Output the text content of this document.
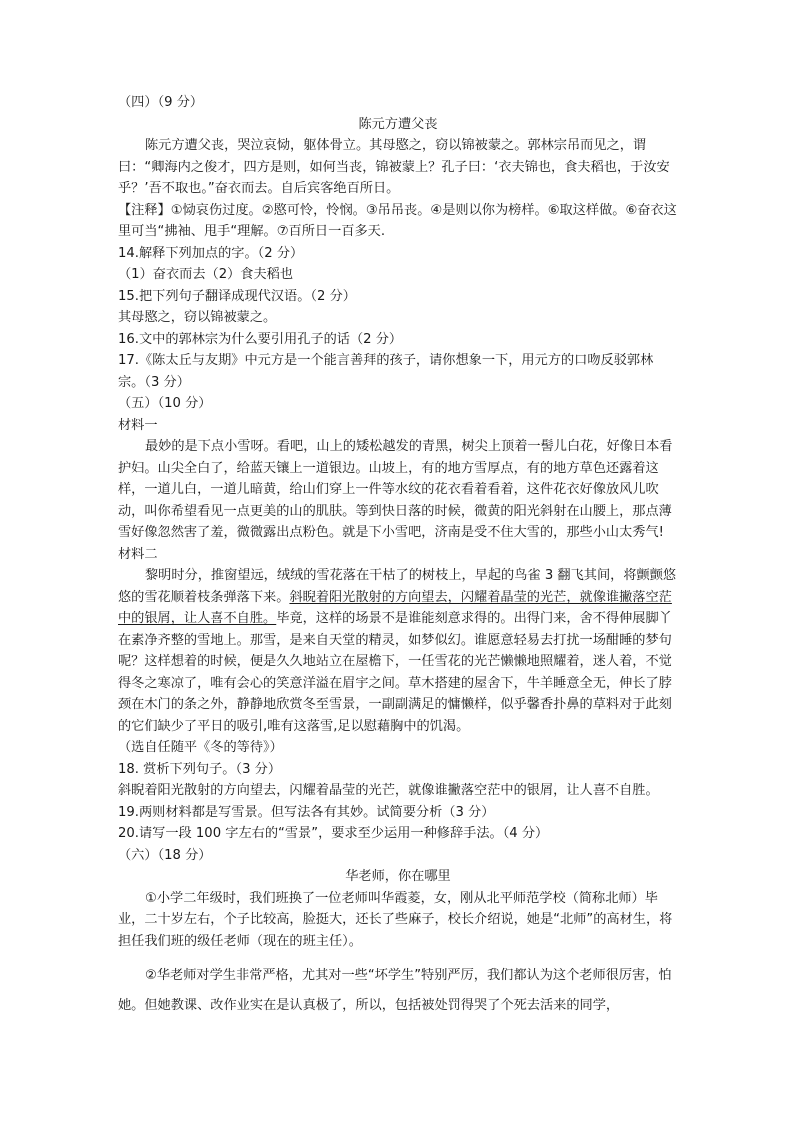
（四）（9 分）
陈元方遭父丧
陈元方遭父丧，哭泣哀恸，躯体骨立。其母愍之，窃以锦被蒙之。郭林宗吊而见之，谓曰：“卿海内之俊才，四方是则，如何当丧，锦被蒙上？孔子曰：‘衣夫锦也，食夫稻也，于汝安乎？’吾不取也。”奋衣而去。自后宾客绝百所日。
【注释】①恸哀伤过度。②愍可怜，怜悯。③吊吊丧。④是则以你为榜样。⑥取这样做。⑥奋衣这里可当“拂袖、甩手“理解。⑦百所日一百多天.
14.解释下列加点的字。（2 分）
（1）奋衣而去（2）食夫稻也
15.把下列句子翻译成现代汉语。（2 分）
其母愍之，窃以锦被蒙之。
16.文中的郭林宗为什么要引用孔子的话（2 分）
17.《陈太丘与友期》中元方是一个能言善拜的孩子，请你想象一下，用元方的口吻反驳郭林宗。（3 分）
（五）（10 分）
材料一
最妙的是下点小雪呀。看吧，山上的矮松越发的青黑，树尖上顶着一髻儿白花，好像日本看护妇。山尖全白了，给蓝天镶上一道银边。山坡上，有的地方雪厚点，有的地方草色还露着这样，一道儿白，一道儿暗黄，给山们穿上一件等水纹的花衣看着看着，这件花衣好像放风儿吹动，叫你希望看见一点更美的山的肌肤。等到快日落的时候，微黄的阳光斜射在山腰上，那点薄雪好像忽然害了羞，微微露出点粉色。就是下小雪吧，济南是受不住大雪的，那些小山太秀气!
材料二
黎明时分，推窗望远，绒绒的雪花落在干枯了的树枝上，早起的鸟雀 3 翻飞其间，将颤颤悠悠的雪花顺着枝条弹落下来。斜睨着阳光散射的方向望去，闪耀着晶莹的光芒，就像谁撇落空茫中的银屑，让人喜不自胜。毕竟，这样的场景不是谁能刻意求得的。出得门来，舍不得伸展脚丫在素净齐整的雪地上。那雪，是来自天堂的精灵，如梦似幻。谁愿意轻易去打扰一场酣睡的梦句呢？这样想着的时候，便是久久地站立在屋檐下，一任雪花的光芒懒懒地照耀着，迷人着，不觉得冬之寒凉了，唯有会心的笑意洋溢在眉宇之间。草木搭建的屋舍下，牛羊睡意全无，伸长了脖颈在木门的条之外，静静地欣赏冬至雪景，一副副满足的慵懒样，似乎馨香扑鼻的草料对于此刻的它们缺少了平日的吸引,唯有这落雪,足以慰藉胸中的饥渴。
（选自任随平《冬的等待》）
18. 赏析下列句子。（3 分）
斜睨着阳光散射的方向望去，闪耀着晶莹的光芒，就像谁撇落空茫中的银屑，让人喜不自胜。
19.两则材料都是写雪景。但写法各有其妙。试简要分析（3 分）
20.请写一段 100 字左右的“雪景”，要求至少运用一种修辞手法。（4 分）
（六）（18 分）
华老师，你在哪里
①小学二年级时，我们班换了一位老师叫华霞菱，女，刚从北平师范学校（简称北师）毕业，二十岁左右，个子比较高，脸挺大，还长了些麻子，校长介绍说，她是“北师”的高材生，将担任我们班的级任老师（现在的班主任）。
②华老师对学生非常严格，尤其对一些“坏学生”特别严厉，我们都认为这个老师很厉害，怕她。但她教课、改作业实在是认真极了，所以，包括被处罚得哭了个死去活来的同学，
